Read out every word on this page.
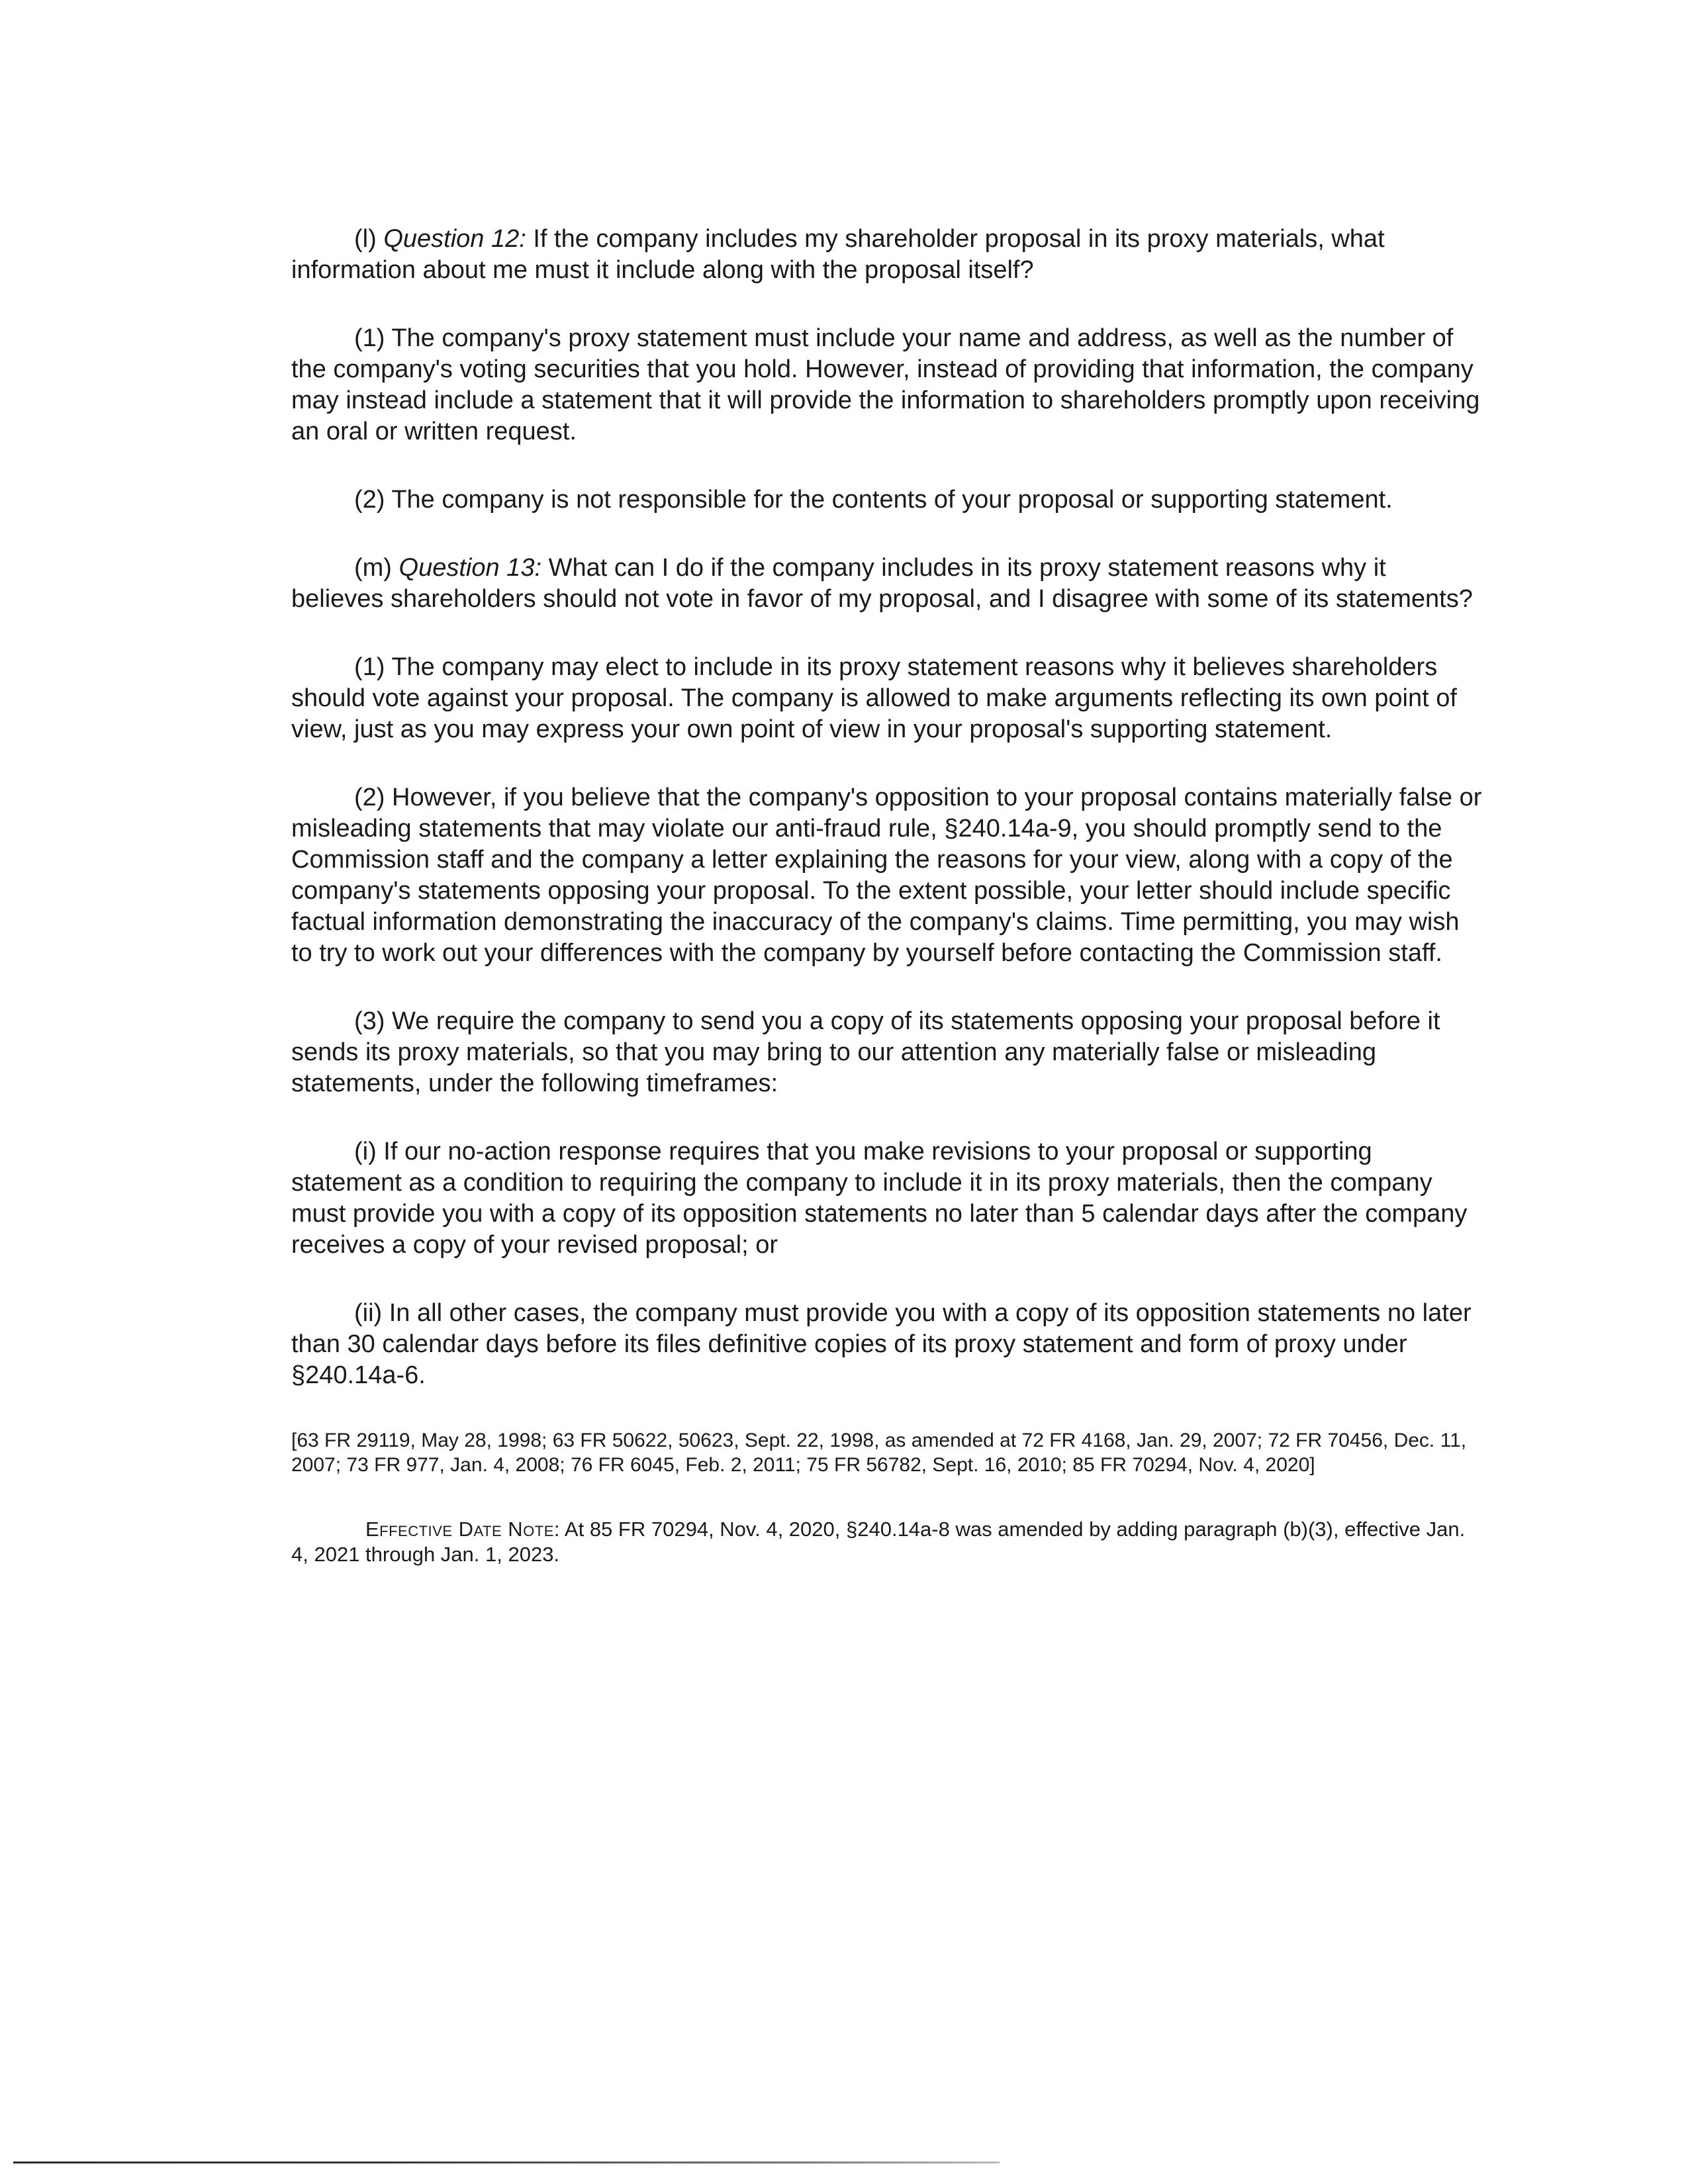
(l) Question 12: If the company includes my shareholder proposal in its proxy materials, what information about me must it include along with the proposal itself?

(1) The company's proxy statement must include your name and address, as well as the number of the company's voting securities that you hold. However, instead of providing that information, the company may instead include a statement that it will provide the information to shareholders promptly upon receiving an oral or written request.

(2) The company is not responsible for the contents of your proposal or supporting statement.

(m) Question 13: What can I do if the company includes in its proxy statement reasons why it believes shareholders should not vote in favor of my proposal, and I disagree with some of its statements?

(1) The company may elect to include in its proxy statement reasons why it believes shareholders should vote against your proposal. The company is allowed to make arguments reflecting its own point of view, just as you may express your own point of view in your proposal's supporting statement.

(2) However, if you believe that the company's opposition to your proposal contains materially false or misleading statements that may violate our anti-fraud rule, §240.14a-9, you should promptly send to the Commission staff and the company a letter explaining the reasons for your view, along with a copy of the company's statements opposing your proposal. To the extent possible, your letter should include specific factual information demonstrating the inaccuracy of the company's claims. Time permitting, you may wish to try to work out your differences with the company by yourself before contacting the Commission staff.

(3) We require the company to send you a copy of its statements opposing your proposal before it sends its proxy materials, so that you may bring to our attention any materially false or misleading statements, under the following timeframes:

(i) If our no-action response requires that you make revisions to your proposal or supporting statement as a condition to requiring the company to include it in its proxy materials, then the company must provide you with a copy of its opposition statements no later than 5 calendar days after the company receives a copy of your revised proposal; or

(ii) In all other cases, the company must provide you with a copy of its opposition statements no later than 30 calendar days before its files definitive copies of its proxy statement and form of proxy under §240.14a-6.

[63 FR 29119, May 28, 1998; 63 FR 50622, 50623, Sept. 22, 1998, as amended at 72 FR 4168, Jan. 29, 2007; 72 FR 70456, Dec. 11, 2007; 73 FR 977, Jan. 4, 2008; 76 FR 6045, Feb. 2, 2011; 75 FR 56782, Sept. 16, 2010; 85 FR 70294, Nov. 4, 2020]

Effective Date Note: At 85 FR 70294, Nov. 4, 2020, §240.14a-8 was amended by adding paragraph (b)(3), effective Jan. 4, 2021 through Jan. 1, 2023.
